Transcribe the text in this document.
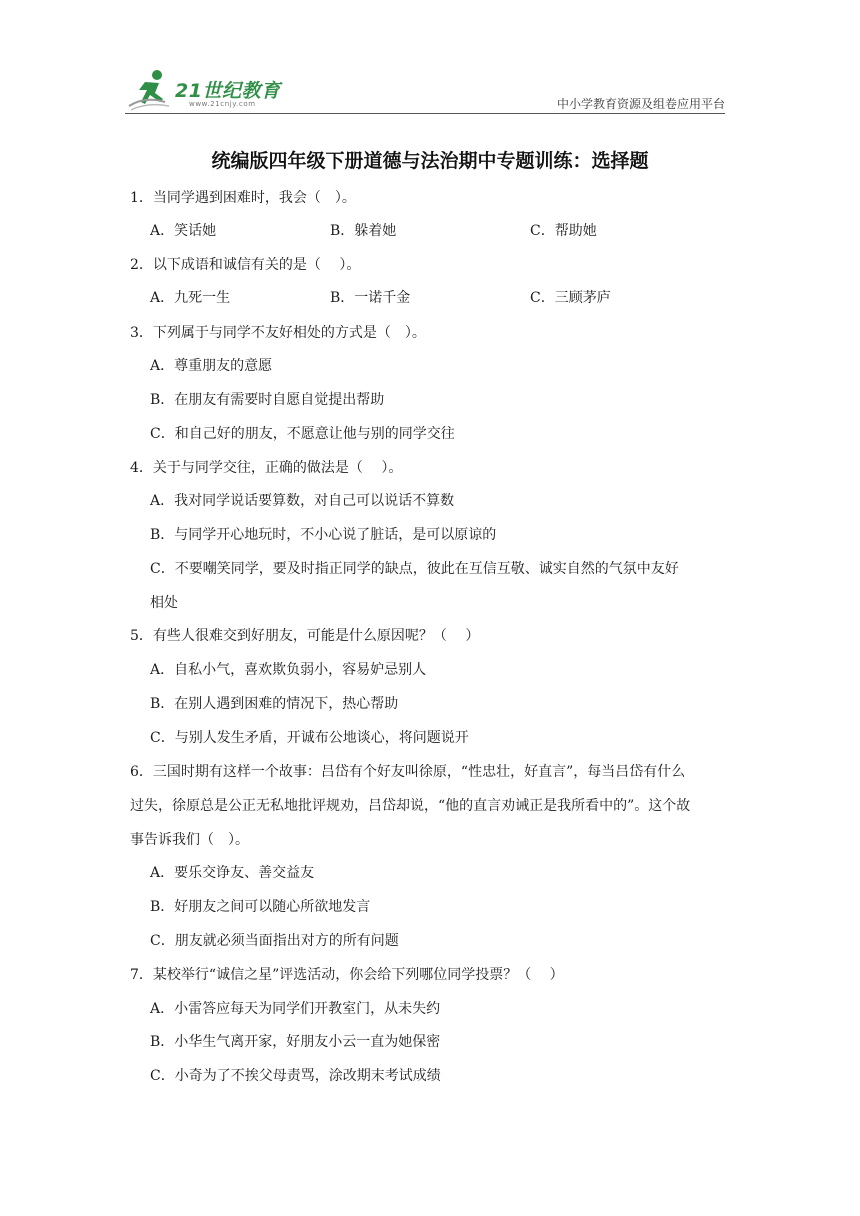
21世纪教育
www.21cnjy.com	中小学教育资源及组卷应用平台
统编版四年级下册道德与法治期中专题训练：选择题
1．当同学遇到困难时，我会（　）。
A．笑话她	B．躲着她	C．帮助她
2．以下成语和诚信有关的是（　 ）。
A．九死一生	B．一诺千金	C．三顾茅庐
3．下列属于与同学不友好相处的方式是（　）。
A．尊重朋友的意愿
B．在朋友有需要时自愿自觉提出帮助
C．和自己好的朋友，不愿意让他与别的同学交往
4．关于与同学交往，正确的做法是（　 ）。
A．我对同学说话要算数，对自己可以说话不算数
B．与同学开心地玩时，不小心说了脏话，是可以原谅的
C．不要嘲笑同学，要及时指正同学的缺点，彼此在互信互敬、诚实自然的气氛中友好
相处
5．有些人很难交到好朋友，可能是什么原因呢？（　 ）
A．自私小气，喜欢欺负弱小，容易妒忌别人
B．在别人遇到困难的情况下，热心帮助
C．与别人发生矛盾，开诚布公地谈心，将问题说开
6．三国时期有这样一个故事：吕岱有个好友叫徐原，“性忠壮，好直言”，每当吕岱有什么
过失，徐原总是公正无私地批评规劝，吕岱却说，“他的直言劝诫正是我所看中的”。这个故
事告诉我们（　）。
A．要乐交诤友、善交益友
B．好朋友之间可以随心所欲地发言
C．朋友就必须当面指出对方的所有问题
7．某校举行“诚信之星”评选活动，你会给下列哪位同学投票？（　 ）
A．小雷答应每天为同学们开教室门，从未失约
B．小华生气离开家，好朋友小云一直为她保密
C．小奇为了不挨父母责骂，涂改期末考试成绩
